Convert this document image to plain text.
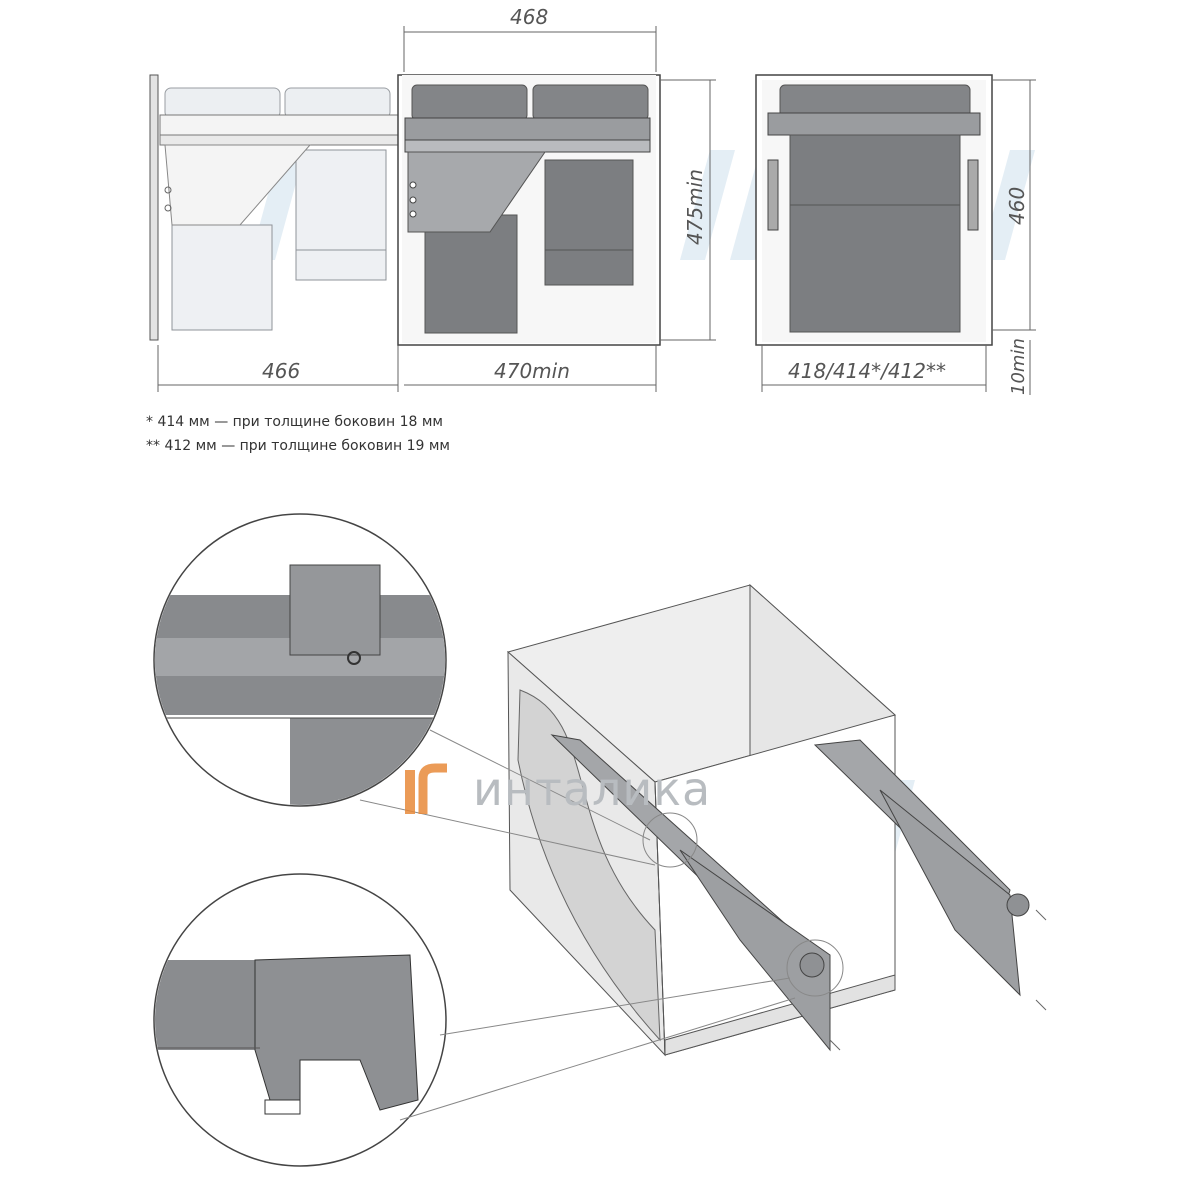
468
466	470min
475min
418/414*/412**
460
10min
* 414 мм — при толщине боковин 18 мм
** 412 мм — при толщине боковин 19 мм
инталика
